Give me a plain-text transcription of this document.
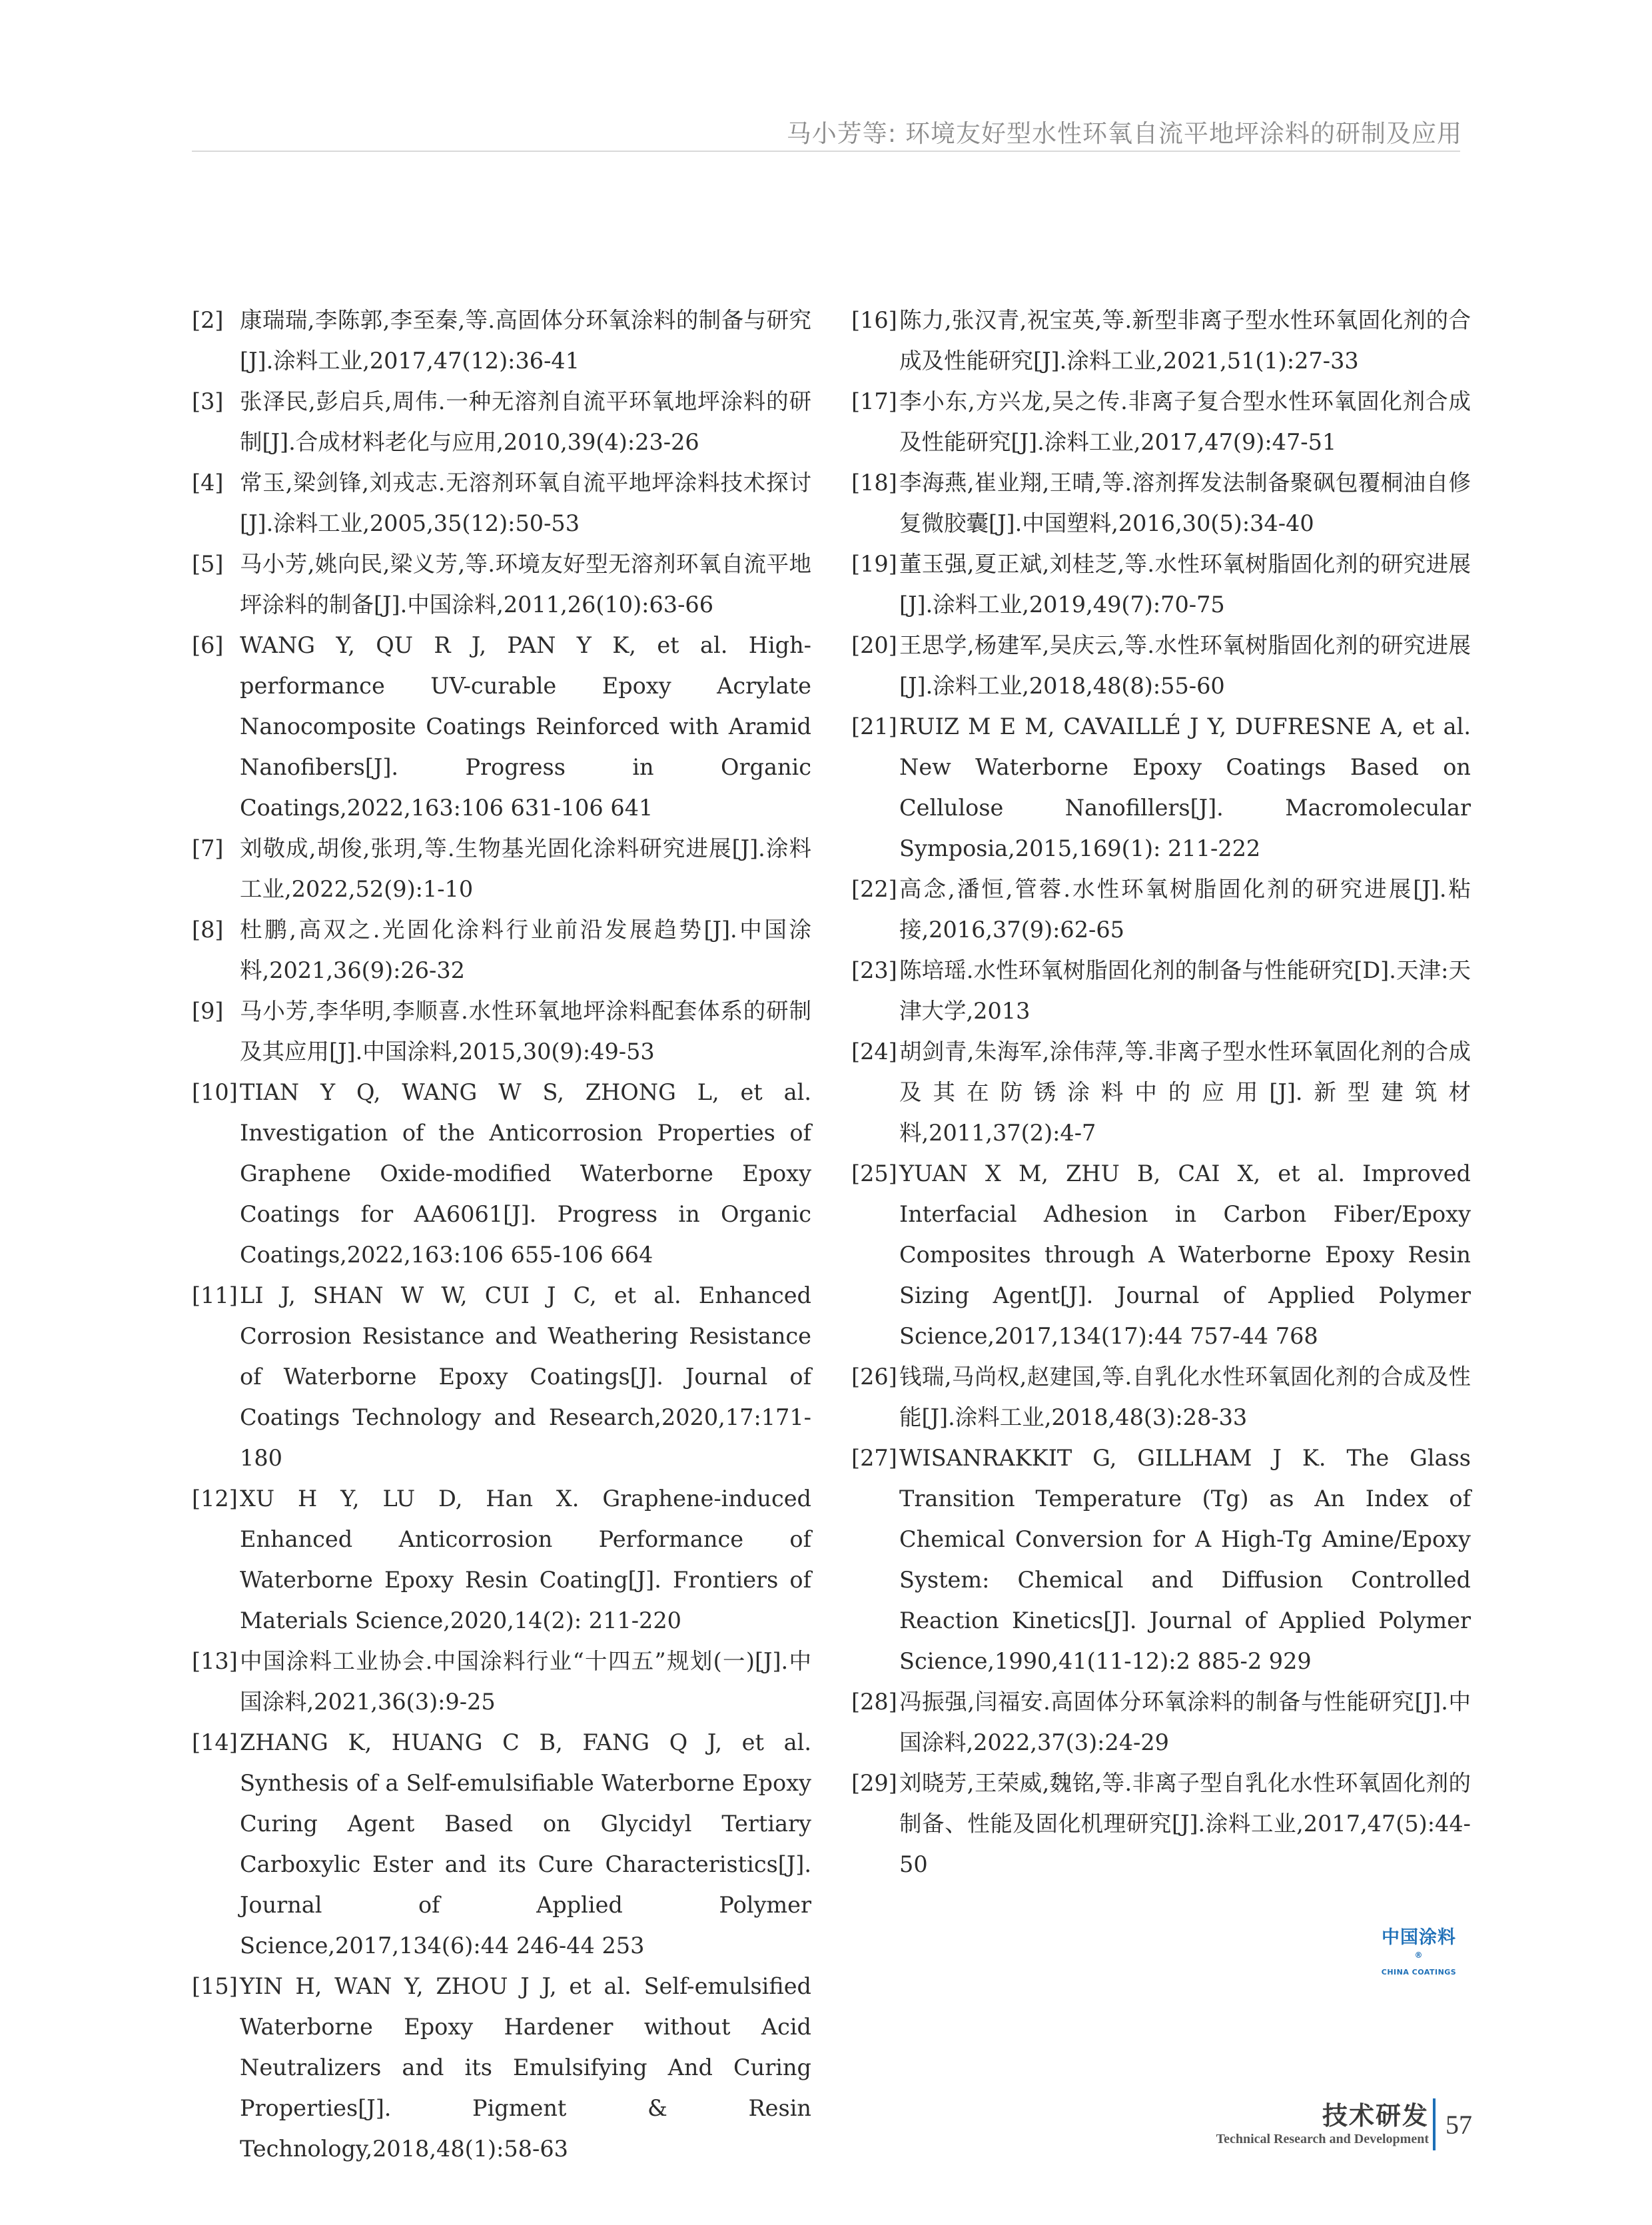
马小芳等: 环境友好型水性环氧自流平地坪涂料的研制及应用
[2] 康瑞瑞,李陈郭,李至秦,等.高固体分环氧涂料的制备与研究[J].涂料工业,2017,47(12):36-41
[3] 张泽民,彭启兵,周伟.一种无溶剂自流平环氧地坪涂料的研制[J].合成材料老化与应用,2010,39(4):23-26
[4] 常玉,梁剑锋,刘戎志.无溶剂环氧自流平地坪涂料技术探讨[J].涂料工业,2005,35(12):50-53
[5] 马小芳,姚向民,梁义芳,等.环境友好型无溶剂环氧自流平地坪涂料的制备[J].中国涂料,2011,26(10):63-66
[6] WANG Y, QU R J, PAN Y K, et al. High-performance UV-curable Epoxy Acrylate Nanocomposite Coatings Reinforced with Aramid Nanofibers[J]. Progress in Organic Coatings,2022,163:106 631-106 641
[7] 刘敬成,胡俊,张玥,等.生物基光固化涂料研究进展[J].涂料工业,2022,52(9):1-10
[8] 杜鹏,高双之.光固化涂料行业前沿发展趋势[J].中国涂料,2021,36(9):26-32
[9] 马小芳,李华明,李顺喜.水性环氧地坪涂料配套体系的研制及其应用[J].中国涂料,2015,30(9):49-53
[10] TIAN Y Q, WANG W S, ZHONG L, et al. Investigation of the Anticorrosion Properties of Graphene Oxide-modified Waterborne Epoxy Coatings for AA6061[J]. Progress in Organic Coatings,2022,163:106 655-106 664
[11] LI J, SHAN W W, CUI J C, et al. Enhanced Corrosion Resistance and Weathering Resistance of Waterborne Epoxy Coatings[J]. Journal of Coatings Technology and Research,2020,17:171-180
[12] XU H Y, LU D, Han X. Graphene-induced Enhanced Anticorrosion Performance of Waterborne Epoxy Resin Coating[J]. Frontiers of Materials Science,2020,14(2): 211-220
[13] 中国涂料工业协会.中国涂料行业“十四五”规划(一)[J].中国涂料,2021,36(3):9-25
[14] ZHANG K, HUANG C B, FANG Q J, et al. Synthesis of a Self-emulsifiable Waterborne Epoxy Curing Agent Based on Glycidyl Tertiary Carboxylic Ester and its Cure Characteristics[J]. Journal of Applied Polymer Science,2017,134(6):44 246-44 253
[15] YIN H, WAN Y, ZHOU J J, et al. Self-emulsified Waterborne Epoxy Hardener without Acid Neutralizers and its Emulsifying And Curing Properties[J]. Pigment & Resin Technology,2018,48(1):58-63
[16] 陈力,张汉青,祝宝英,等.新型非离子型水性环氧固化剂的合成及性能研究[J].涂料工业,2021,51(1):27-33
[17] 李小东,方兴龙,吴之传.非离子复合型水性环氧固化剂合成及性能研究[J].涂料工业,2017,47(9):47-51
[18] 李海燕,崔业翔,王晴,等.溶剂挥发法制备聚砜包覆桐油自修复微胶囊[J].中国塑料,2016,30(5):34-40
[19] 董玉强,夏正斌,刘桂芝,等.水性环氧树脂固化剂的研究进展[J].涂料工业,2019,49(7):70-75
[20] 王思学,杨建军,吴庆云,等.水性环氧树脂固化剂的研究进展[J].涂料工业,2018,48(8):55-60
[21] RUIZ M E M, CAVAILLÉ J Y, DUFRESNE A, et al. New Waterborne Epoxy Coatings Based on Cellulose Nanofillers[J]. Macromolecular Symposia,2015,169(1): 211-222
[22] 高念,潘恒,管蓉.水性环氧树脂固化剂的研究进展[J].粘接,2016,37(9):62-65
[23] 陈培瑶.水性环氧树脂固化剂的制备与性能研究[D].天津:天津大学,2013
[24] 胡剑青,朱海军,涂伟萍,等.非离子型水性环氧固化剂的合成及其在防锈涂料中的应用[J].新型建筑材料,2011,37(2):4-7
[25] YUAN X M, ZHU B, CAI X, et al. Improved Interfacial Adhesion in Carbon Fiber/Epoxy Composites through A Waterborne Epoxy Resin Sizing Agent[J]. Journal of Applied Polymer Science,2017,134(17):44 757-44 768
[26] 钱瑞,马尚权,赵建国,等.自乳化水性环氧固化剂的合成及性能[J].涂料工业,2018,48(3):28-33
[27] WISANRAKKIT G, GILLHAM J K. The Glass Transition Temperature (Tg) as An Index of Chemical Conversion for A High-Tg Amine/Epoxy System: Chemical and Diffusion Controlled Reaction Kinetics[J]. Journal of Applied Polymer Science,1990,41(11-12):2 885-2 929
[28] 冯振强,闫福安.高固体分环氧涂料的制备与性能研究[J].中国涂料,2022,37(3):24-29
[29] 刘晓芳,王荣威,魏铭,等.非离子型自乳化水性环氧固化剂的制备、性能及固化机理研究[J].涂料工业,2017,47(5):44-50
中国涂料®
CHINA COATINGS
技术研发
Technical Research and Development 57
